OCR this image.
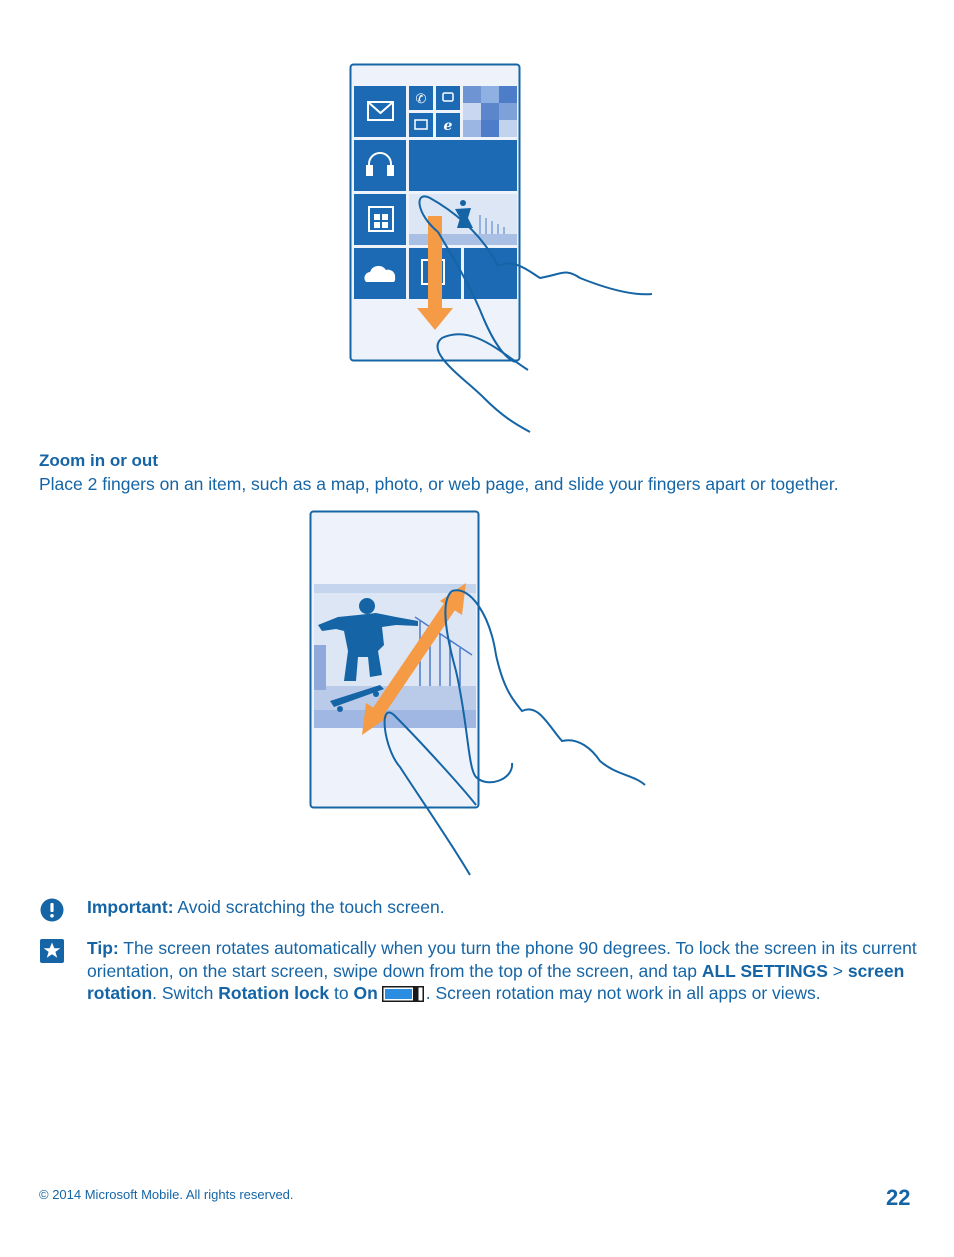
✆
e
Zoom in or out
Place 2 fingers on an item, such as a map, photo, or web page, and slide your fingers apart or together.
Important: Avoid scratching the touch screen.
Tip: The screen rotates automatically when you turn the phone 90 degrees. To lock the screen in its current orientation, on the start screen, swipe down from the top of the screen, and tap ALL SETTINGS > screen rotation. Switch Rotation lock to On	. Screen rotation may not work in all apps or views.
© 2014 Microsoft Mobile. All rights reserved.	22
